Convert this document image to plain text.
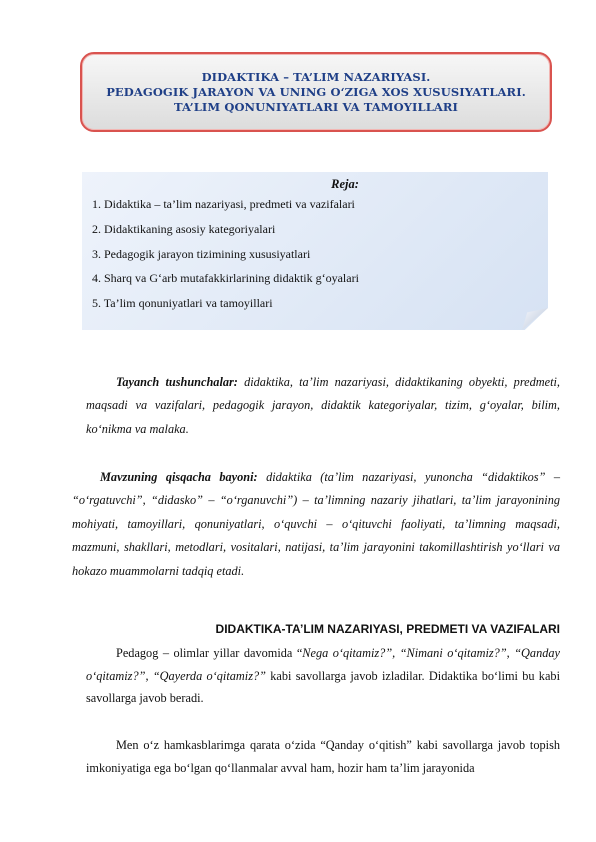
DIDAKTIKA – TA’LIM NAZARIYASI.
PEDAGOGIK JARAYON VA UNING O‘ZIGA XOS XUSUSIYATLARI.
TA’LIM QONUNIYATLARI VA TAMOYILLARI
Reja:
1. Didaktika – ta’lim nazariyasi, predmeti va vazifalari
2. Didaktikaning asosiy kategoriyalari
3. Pedagogik jarayon tizimining xususiyatlari
4. Sharq va G‘arb mutafakkirlarining didaktik g‘oyalari
5. Ta’lim qonuniyatlari va tamoyillari
Tayanch tushunchalar: didaktika, ta’lim nazariyasi, didaktikaning obyekti, predmeti, maqsadi va vazifalari, pedagogik jarayon, didaktik kategoriyalar, tizim, g‘oyalar, bilim, ko‘nikma va malaka.
Mavzuning qisqacha bayoni: didaktika (ta’lim nazariyasi, yunoncha “didaktikos” – “o‘rgatuvchi”, “didasko” – “o‘rganuvchi”) – ta’limning nazariy jihatlari, ta’lim jarayonining mohiyati, tamoyillari, qonuniyatlari, o‘quvchi – o‘qituvchi faoliyati, ta’limning maqsadi, mazmuni, shakllari, metodlari, vositalari, natijasi, ta’lim jarayonini takomillashtirish yo‘llari va hokazo muammolarni tadqiq etadi.
DIDAKTIKA-TA’LIM NAZARIYASI, PREDMETI VA VAZIFALARI
Pedagog – olimlar yillar davomida “Nega o‘qitamiz?”, “Nimani o‘qitamiz?”, “Qanday o‘qitamiz?”, “Qayerda o‘qitamiz?” kabi savollarga javob izladilar. Didaktika bo‘limi bu kabi savollarga javob beradi.
Men o‘z hamkasblarimga qarata o‘zida “Qanday o‘qitish” kabi savollarga javob topish imkoniyatiga ega bo‘lgan qo‘llanmalar avval ham, hozir ham ta’lim jarayonida
